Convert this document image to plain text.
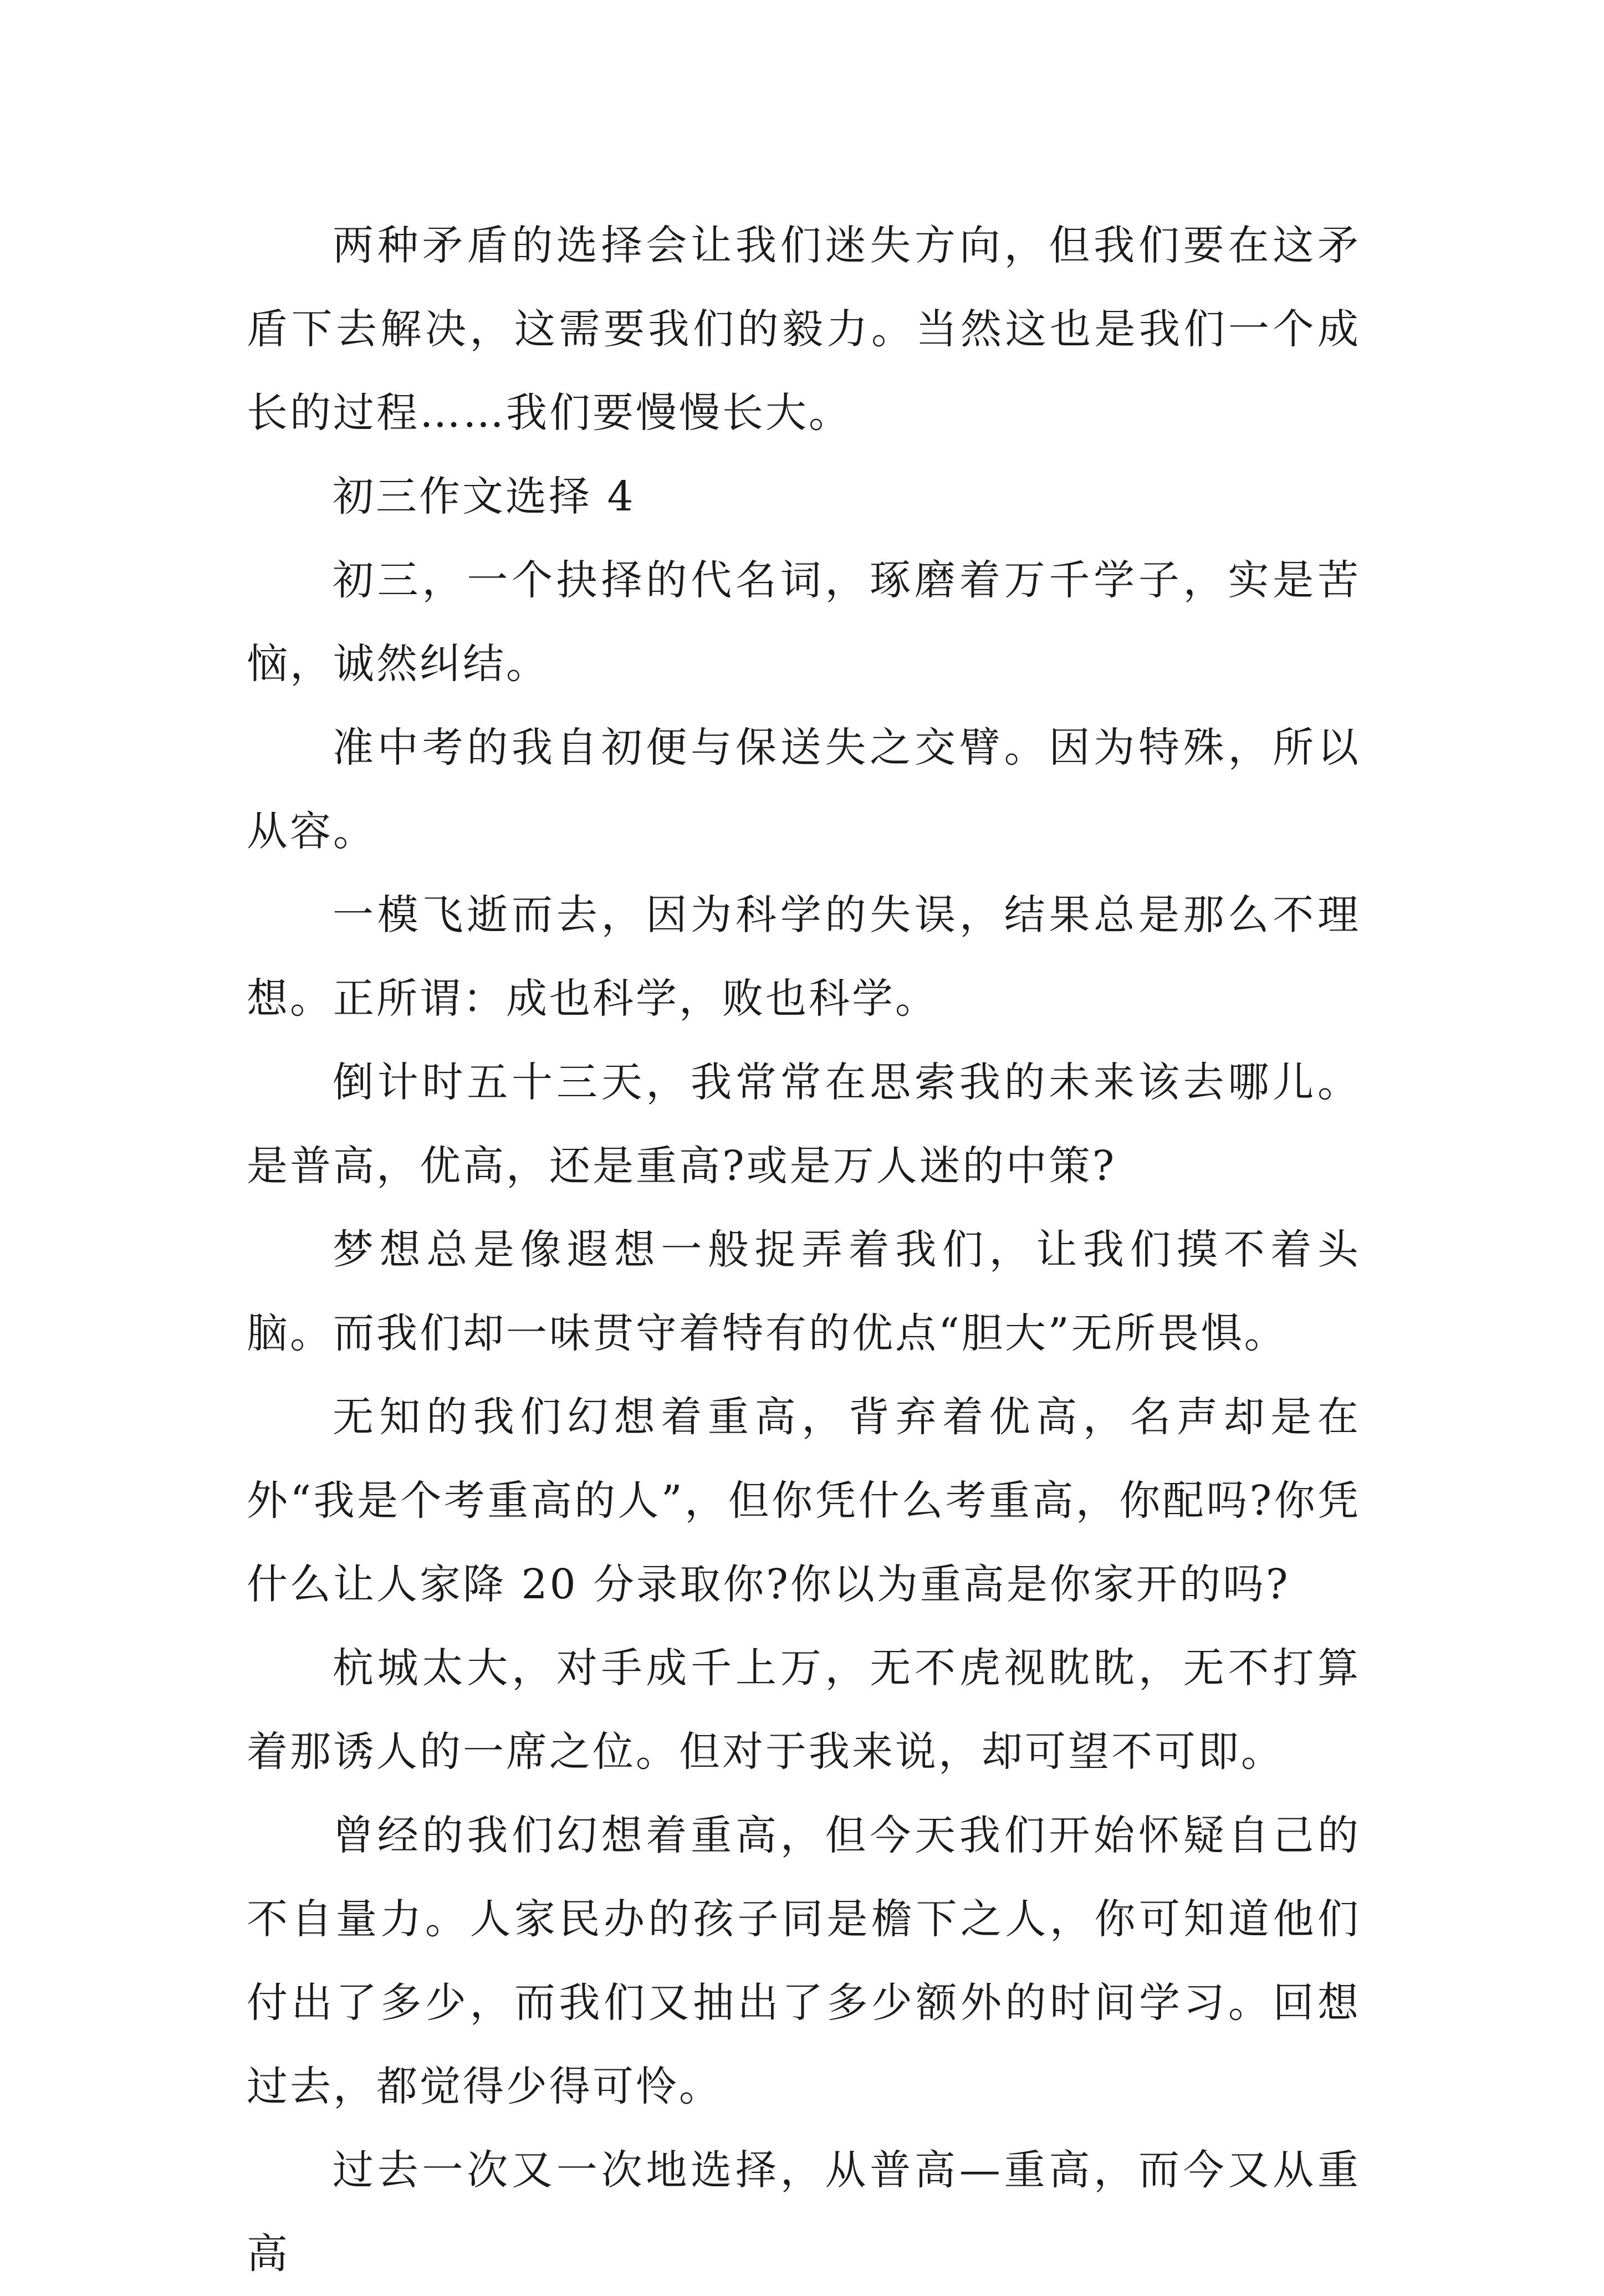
两种矛盾的选择会让我们迷失方向，但我们要在这矛盾下去解决，这需要我们的毅力。当然这也是我们一个成长的过程……我们要慢慢长大。

初三作文选择 4

初三，一个抉择的代名词，琢磨着万千学子，实是苦恼，诚然纠结。

准中考的我自初便与保送失之交臂。因为特殊，所以从容。

一模飞逝而去，因为科学的失误，结果总是那么不理想。正所谓：成也科学，败也科学。

倒计时五十三天，我常常在思索我的未来该去哪儿。是普高，优高，还是重高?或是万人迷的中策?

梦想总是像遐想一般捉弄着我们，让我们摸不着头脑。而我们却一味贯守着特有的优点“胆大”无所畏惧。

无知的我们幻想着重高，背弃着优高，名声却是在外“我是个考重高的人”，但你凭什么考重高，你配吗?你凭什么让人家降 20 分录取你?你以为重高是你家开的吗?

杭城太大，对手成千上万，无不虎视眈眈，无不打算着那诱人的一席之位。但对于我来说，却可望不可即。

曾经的我们幻想着重高，但今天我们开始怀疑自己的不自量力。人家民办的孩子同是檐下之人，你可知道他们付出了多少，而我们又抽出了多少额外的时间学习。回想过去，都觉得少得可怜。

过去一次又一次地选择，从普高—重高，而今又从重高
